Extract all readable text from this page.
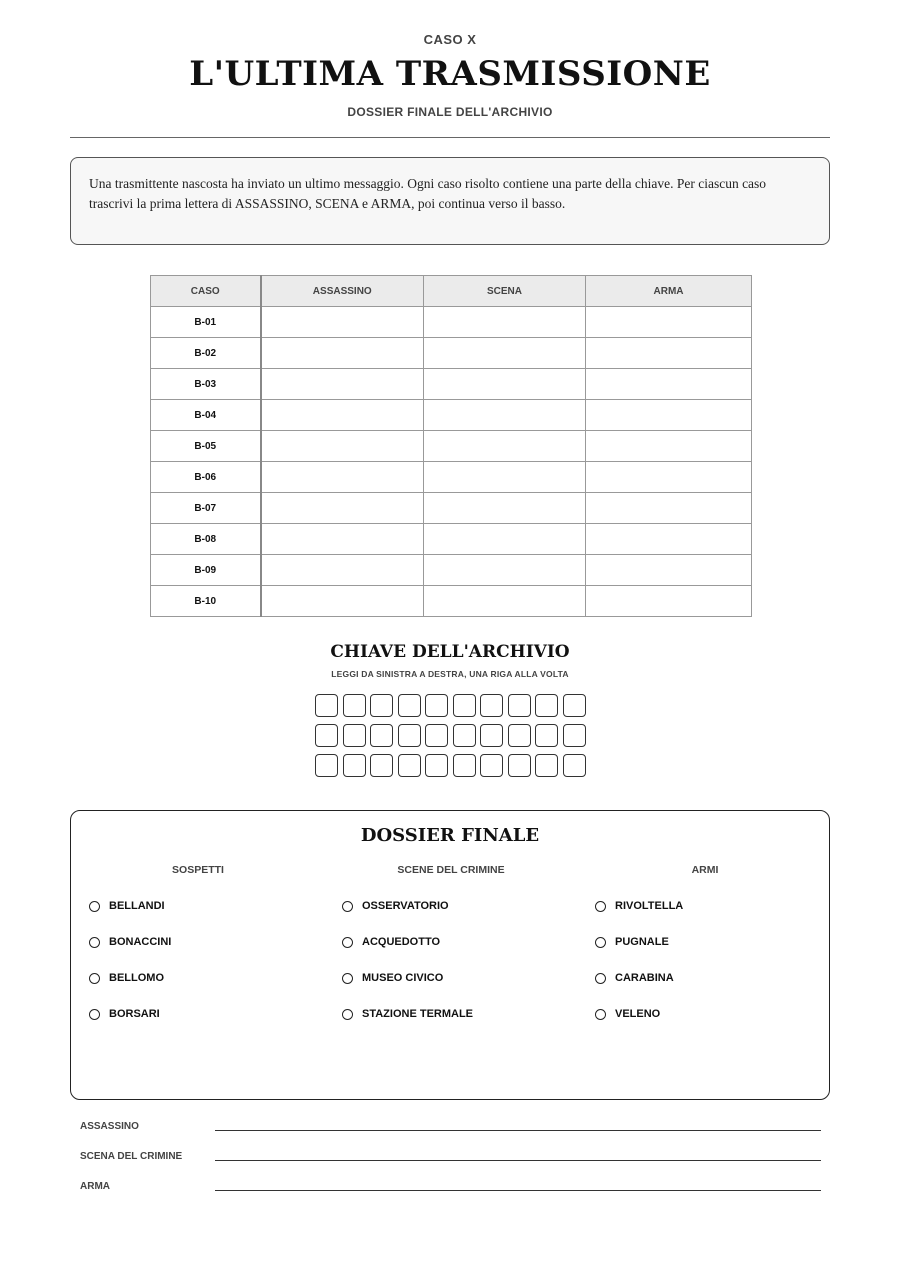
CASO X
L'ULTIMA TRASMISSIONE
DOSSIER FINALE DELL'ARCHIVIO
Una trasmittente nascosta ha inviato un ultimo messaggio. Ogni caso risolto contiene una parte della chiave. Per ciascun caso trascrivi la prima lettera di ASSASSINO, SCENA e ARMA, poi continua verso il basso.
CASO	ASSASSINO	SCENA	ARMA
B-01			
B-02			
B-03			
B-04			
B-05			
B-06			
B-07			
B-08			
B-09			
B-10			
CHIAVE DELL'ARCHIVIO
LEGGI DA SINISTRA A DESTRA, UNA RIGA ALLA VOLTA
DOSSIER FINALE
SOSPETTI
BELLANDI
BONACCINI
BELLOMO
BORSARI
SCENE DEL CRIMINE
OSSERVATORIO
ACQUEDOTTO
MUSEO CIVICO
STAZIONE TERMALE
ARMI
RIVOLTELLA
PUGNALE
CARABINA
VELENO
ASSASSINO
SCENA DEL CRIMINE
ARMA
